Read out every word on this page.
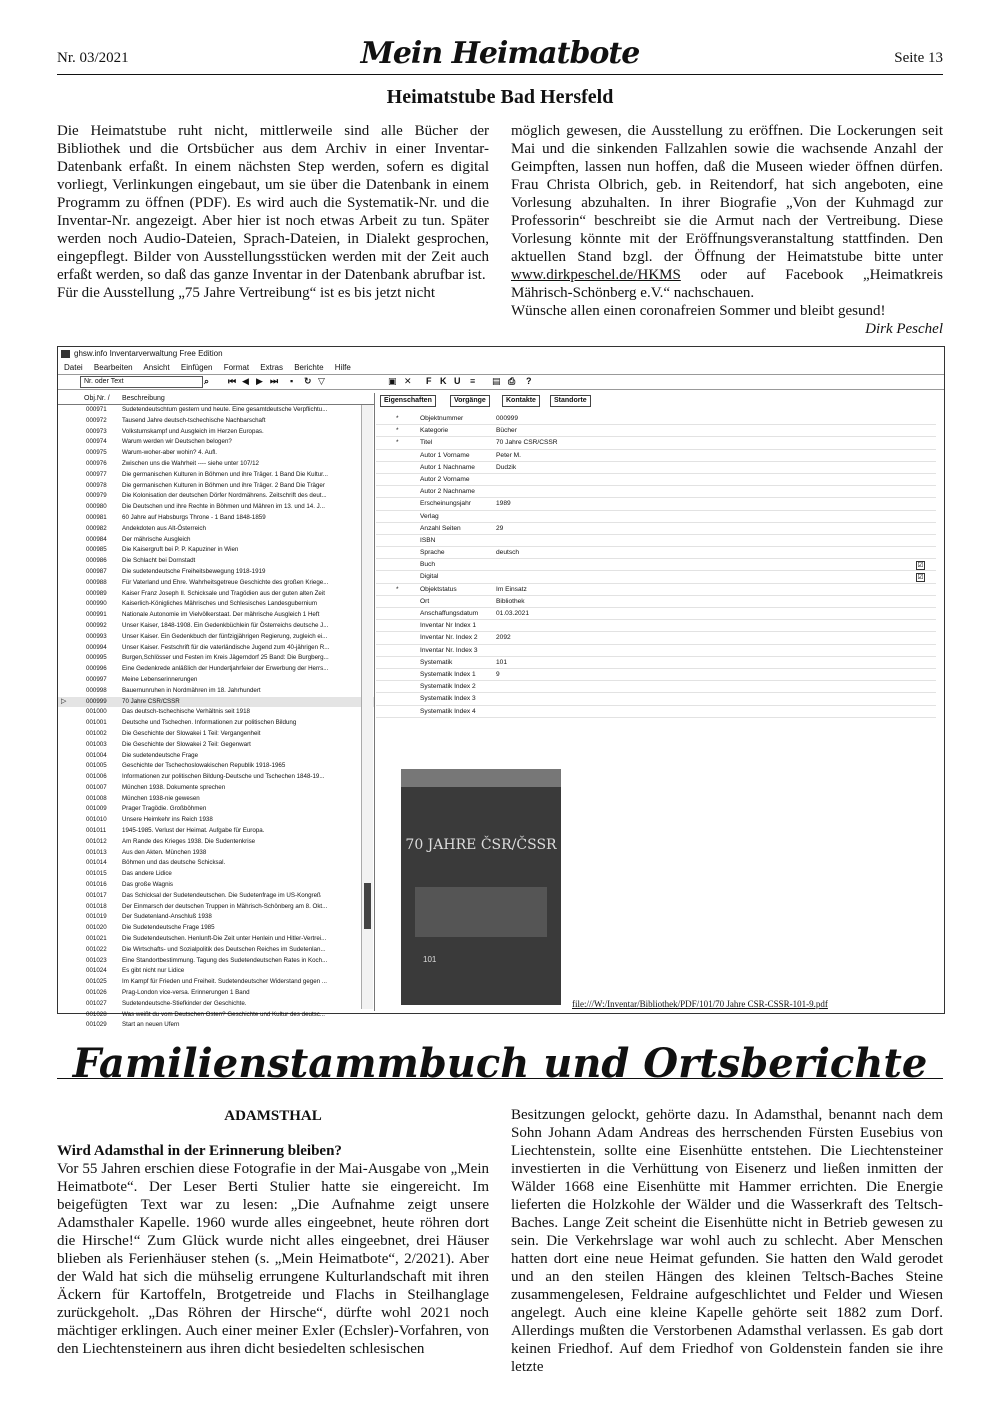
Nr. 03/2021	Mein Heimatbote	Seite 13
Heimatstube Bad Hersfeld

Die Heimatstube ruht nicht, mittlerweile sind alle Bücher der Bibliothek und die Ortsbücher aus dem Archiv in einer Inventar-Datenbank erfaßt. In einem nächsten Step werden, sofern es digital vorliegt, Verlinkungen eingebaut, um sie über die Datenbank in einem Programm zu öffnen (PDF). Es wird auch die Systematik-Nr. und die Inventar-Nr. angezeigt. Aber hier ist noch etwas Arbeit zu tun. Später werden noch Audio-Dateien, Sprach-Dateien, in Dialekt gesprochen, eingepflegt. Bilder von Ausstellungsstücken werden mit der Zeit auch erfaßt werden, so daß das ganze Inventar in der Datenbank abrufbar ist.

Für die Ausstellung „75 Jahre Vertreibung“ ist es bis jetzt nicht

möglich gewesen, die Ausstellung zu eröffnen. Die Lockerungen seit Mai und die sinkenden Fallzahlen sowie die wachsende Anzahl der Geimpften, lassen nun hoffen, daß die Museen wieder öffnen dürfen. Frau Christa Olbrich, geb. in Reitendorf, hat sich angeboten, eine Vorlesung abzuhalten. In ihrer Biografie „Von der Kuhmagd zur Professorin“ beschreibt sie die Armut nach der Vertreibung. Diese Vorlesung könnte mit der Eröffnungsveranstaltung stattfinden. Den aktuellen Stand bzgl. der Öffnung der Heimatstube bitte unter www.dirkpeschel.de/HKMS oder auf Facebook „Heimatkreis Mährisch-Schönberg e.V.“ nachschauen.

Wünsche allen einen coronafreien Sommer und bleibt gesund!

Dirk Peschel

ghsw.info Inventarverwaltung Free Edition
Datei Bearbeiten Ansicht Einfügen Format Extras Berichte Hilfe
Nr. oder Text	⌕ ⏮ ◀ ▶ ⏭ ▪ ↻ ▽	▣ ✕ F K U ≡ ▤ ⎙ ?
Obj.Nr. / Beschreibung
000971 Sudetendeutschtum gestern und heute. Eine gesamtdeutsche Verpflichtu...
000972 Tausend Jahre deutsch-tschechische Nachbarschaft
000973 Volkstumskampf und Ausgleich im Herzen Europas.
000974 Warum werden wir Deutschen belogen?
000975 Warum-woher-aber wohin? 4. Aufl.
000976 Zwischen uns die Wahrheit ---- siehe unter 107/12
000977 Die germanischen Kulturen in Böhmen und ihre Träger. 1 Band Die Kultur...
000978 Die germanischen Kulturen in Böhmen und ihre Träger. 2 Band Die Träger
000979 Die Kolonisation der deutschen Dörfer Nordmährens. Zeitschrift des deut...
000980 Die Deutschen und ihre Rechte in Böhmen und Mähren im 13. und 14. J...
000981 60 Jahre auf Habsburgs Throne - 1 Band 1848-1859
000982 Andekdoten aus Alt-Österreich
000984 Der mährische Ausgleich
000985 Die Kaisergruft bei P. P. Kapuziner in Wien
000986 Die Schlacht bei Dornstadt
000987 Die sudetendeutsche Freiheitsbewegung 1918-1919
000988 Für Vaterland und Ehre. Wahrheitsgetreue Geschichte des großen Kriege...
000989 Kaiser Franz Joseph II. Schicksale und Tragödien aus der guten alten Zeit
000990 Kaiserlich-Königliches Mährisches und Schlesisches Landesgubernium
000991 Nationale Autonomie im Vielvölkerstaat. Der mährische Ausgleich 1 Heft
000992 Unser Kaiser, 1848-1908. Ein Gedenkbüchlein für Österreichs deutsche J...
000993 Unser Kaiser. Ein Gedenkbuch der fünfzigjährigen Regierung, zugleich ei...
000994 Unser Kaiser. Festschrift für die vaterländische Jugend zum 40-jährigen R...
000995 Burgen,Schlösser und Festen im Kreis Jägerndorf 25 Band: Die Burgberg...
000996 Eine Gedenkrede anläßlich der Hundertjahrfeier der Erwerbung der Herrs...
000997 Meine Lebenserinnerungen
000998 Bauernunruhen in Nordmähren im 18. Jahrhundert
▷	000999 70 Jahre CSR/CSSR
001000 Das deutsch-tschechische Verhältnis seit 1918
001001 Deutsche und Tschechen. Informationen zur politischen Bildung
001002 Die Geschichte der Slowakei 1 Teil: Vergangenheit
001003 Die Geschichte der Slowakei 2 Teil: Gegenwart
001004 Die sudetendeutsche Frage
001005 Geschichte der Tschechoslowakischen Republik 1918-1965
001006 Informationen zur politischen Bildung-Deutsche und Tschechen 1848-19...
001007 München 1938. Dokumente sprechen
001008 München 1938-nie gewesen
001009 Prager Tragödie. Großböhmen
001010 Unsere Heimkehr ins Reich 1938
001011	1945-1985. Verlust der Heimat. Aufgabe für Europa.
001012 Am Rande des Krieges 1938. Die Sudentenkrise
001013 Aus den Akten. München 1938
001014 Böhmen und das deutsche Schicksal.
001015 Das andere Lidice
001016 Das große Wagnis
001017 Das Schicksal der Sudetendeutschen. Die Sudetenfrage im US-Kongreß
001018 Der Einmarsch der deutschen Truppen in Mährisch-Schönberg am 8. Okt...
001019 Der Sudetenland-Anschluß 1938
001020 Die Sudetendeutsche Frage 1985
001021 Die Sudetendeutschen. Henlunft-Die Zeit unter Henlein und Hitler-Vertrei...
001022 Die Wirtschafts- und Sozialpolitik des Deutschen Reiches im Sudetenlan...
001023 Eine Standortbestimmung. Tagung des Sudetendeutschen Rates in Koch...
001024 Es gibt nicht nur Lidice
001025 Im Kampf für Frieden und Freiheit. Sudetendeutscher Widerstand gegen ...
001026 Prag-London vice-versa. Erinnerungen 1 Band
001027 Sudetendeutsche-Stiefkinder der Geschichte.
001028 Was weißt du vom Deutschen Osten? Geschichte und Kultur des deutsc...
001029 Start an neuen Ufern
Eigenschaften	Vorgänge	Kontakte	Standorte
*	Objektnummer	000999
*	Kategorie	Bücher
*	Titel	70 Jahre CSR/CSSR
Autor 1 Vorname	Peter M.
Autor 1 Nachname	Dudzik
Autor 2 Vorname
Autor 2 Nachname
Erscheinungsjahr	1989
Verlag
Anzahl Seiten	29
ISBN
Sprache	deutsch
Buch	☑
Digital	☑
*	Objektstatus	Im Einsatz
Ort	Bibliothek
Anschaffungsdatum	01.03.2021
Inventar Nr Index 1
Inventar Nr. Index 2	2092
Inventar Nr. Index 3
Systematik	101
Systematik Index 1	9
Systematik Index 2
Systematik Index 3
Systematik Index 4
70 JAHRE ČSR/ČSSR
101
file:///W:/Inventar/Bibliothek/PDF/101/70 Jahre CSR-CSSR-101-9.pdf
Familienstammbuch und Ortsberichte
ADAMSTHAL

Wird Adamsthal in der Erinnerung bleiben?

Vor 55 Jahren erschien diese Fotografie in der Mai-Ausgabe von „Mein Heimatbote“. Der Leser Berti Stulier hatte sie eingereicht. Im beigefügten Text war zu lesen: „Die Aufnahme zeigt unsere Adamsthaler Kapelle. 1960 wurde alles eingeebnet, heute röhren dort die Hirsche!“ Zum Glück wurde nicht alles eingeebnet, drei Häuser blieben als Ferienhäuser stehen (s. „Mein Heimatbote“, 2/2021). Aber der Wald hat sich die mühselig errungene Kulturlandschaft mit ihren Äckern für Kartoffeln, Brotgetreide und Flachs in Steilhanglage zurückgeholt. „Das Röhren der Hirsche“, dürfte wohl 2021 noch mächtiger erklingen. Auch einer meiner Exler (Echsler)-Vorfahren, von den Liechtensteinern aus ihren dicht besiedelten schlesischen

Besitzungen gelockt, gehörte dazu. In Adamsthal, benannt nach dem Sohn Johann Adam Andreas des herrschenden Fürsten Eusebius von Liechtenstein, sollte eine Eisenhütte entstehen. Die Liechtensteiner investierten in die Verhüttung von Eisenerz und ließen inmitten der Wälder 1668 eine Eisenhütte mit Hammer errichten. Die Energie lieferten die Holzkohle der Wälder und die Wasserkraft des Teltsch-Baches. Lange Zeit scheint die Eisenhütte nicht in Betrieb gewesen zu sein. Die Verkehrslage war wohl auch zu schlecht. Aber Menschen hatten dort eine neue Heimat gefunden. Sie hatten den Wald gerodet und an den steilen Hängen des kleinen Teltsch-Baches Steine zusammengelesen, Feldraine aufgeschlichtet und Felder und Wiesen angelegt. Auch eine kleine Kapelle gehörte seit 1882 zum Dorf. Allerdings mußten die Verstorbenen Adamsthal verlassen. Es gab dort keinen Friedhof. Auf dem Friedhof von Goldenstein fanden sie ihre letzte
